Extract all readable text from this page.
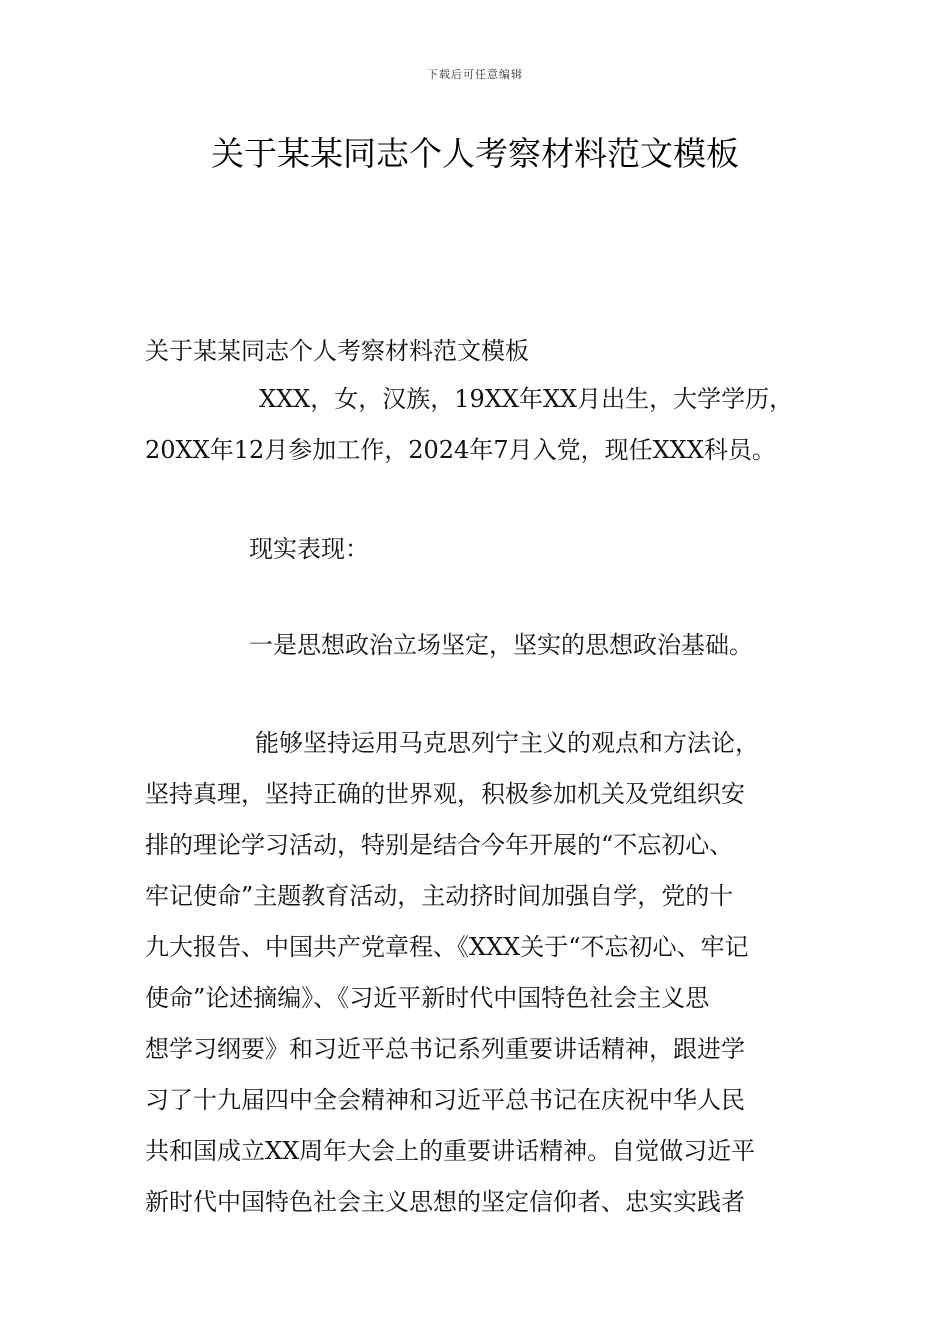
下载后可任意编辑
关于某某同志个人考察材料范文模板

关于某某同志个人考察材料范文模板

XXX，女，汉族，19XX年XX月出生，大学学历，
20XX年12月参加工作，2024年7月入党，现任XXX科员。

现实表现：

一是思想政治立场坚定，坚实的思想政治基础。

能够坚持运用马克思列宁主义的观点和方法论，
坚持真理，坚持正确的世界观，积极参加机关及党组织安
排的理论学习活动，特别是结合今年开展的“不忘初心、
牢记使命”主题教育活动，主动挤时间加强自学，党的十
九大报告、中国共产党章程、《XXX关于“不忘初心、牢记
使命”论述摘编》、《习近平新时代中国特色社会主义思
想学习纲要》和习近平总书记系列重要讲话精神，跟进学
习了十九届四中全会精神和习近平总书记在庆祝中华人民
共和国成立XX周年大会上的重要讲话精神。自觉做习近平
新时代中国特色社会主义思想的坚定信仰者、忠实实践者
